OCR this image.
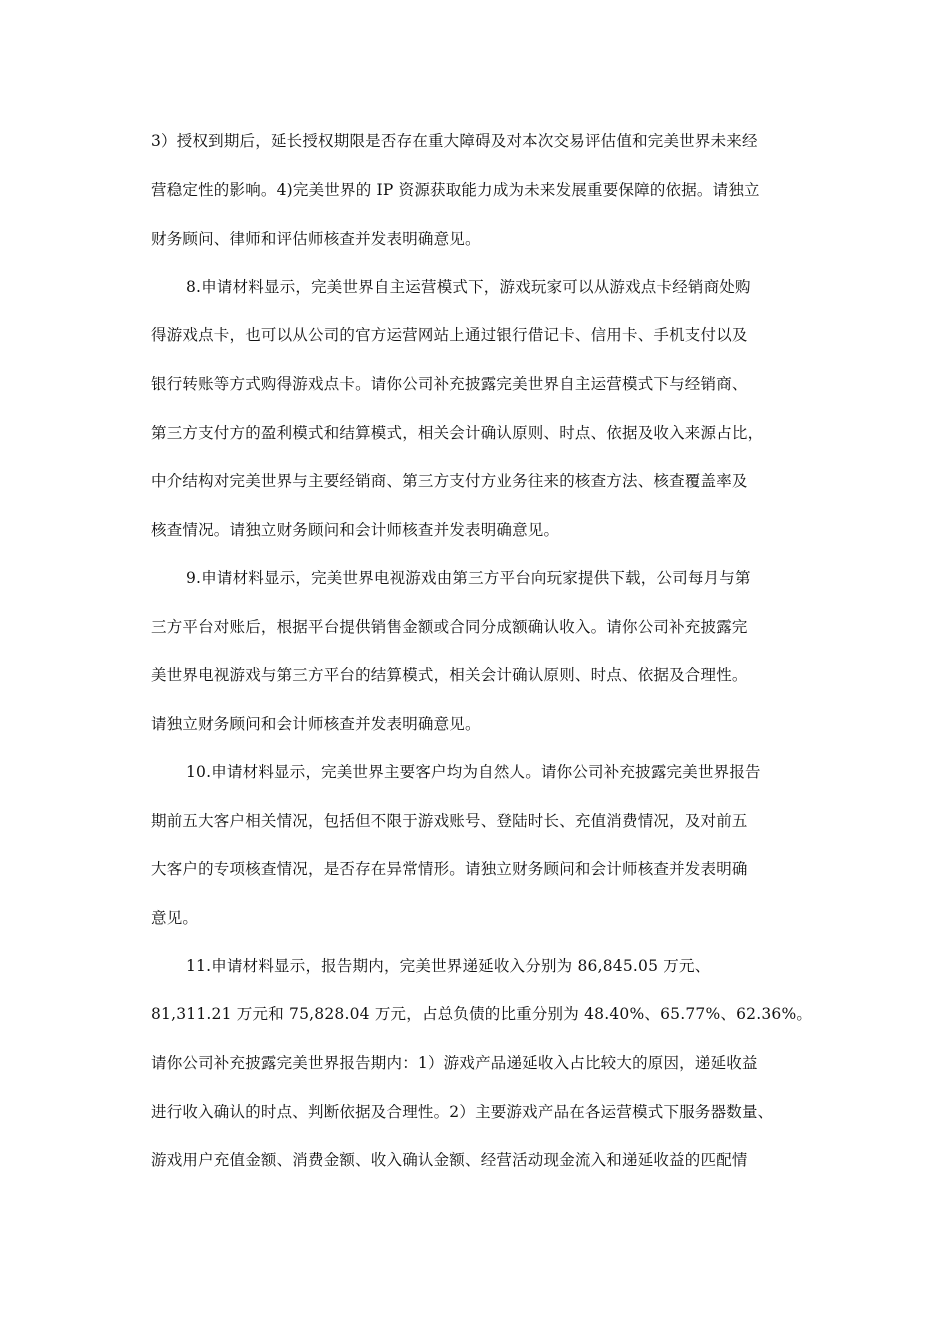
3）授权到期后，延长授权期限是否存在重大障碍及对本次交易评估值和完美世界未来经
营稳定性的影响。4)完美世界的 IP 资源获取能力成为未来发展重要保障的依据。请独立
财务顾问、律师和评估师核查并发表明确意见。
8.申请材料显示，完美世界自主运营模式下，游戏玩家可以从游戏点卡经销商处购
得游戏点卡，也可以从公司的官方运营网站上通过银行借记卡、信用卡、手机支付以及
银行转账等方式购得游戏点卡。请你公司补充披露完美世界自主运营模式下与经销商、
第三方支付方的盈利模式和结算模式，相关会计确认原则、时点、依据及收入来源占比，
中介结构对完美世界与主要经销商、第三方支付方业务往来的核查方法、核查覆盖率及
核查情况。请独立财务顾问和会计师核查并发表明确意见。
9.申请材料显示，完美世界电视游戏由第三方平台向玩家提供下载，公司每月与第
三方平台对账后，根据平台提供销售金额或合同分成额确认收入。请你公司补充披露完
美世界电视游戏与第三方平台的结算模式，相关会计确认原则、时点、依据及合理性。
请独立财务顾问和会计师核查并发表明确意见。
10.申请材料显示，完美世界主要客户均为自然人。请你公司补充披露完美世界报告
期前五大客户相关情况，包括但不限于游戏账号、登陆时长、充值消费情况，及对前五
大客户的专项核查情况，是否存在异常情形。请独立财务顾问和会计师核查并发表明确
意见。
11.申请材料显示，报告期内，完美世界递延收入分别为 86,845.05 万元、
81,311.21 万元和 75,828.04 万元，占总负债的比重分别为 48.40%、65.77%、62.36%。
请你公司补充披露完美世界报告期内：1）游戏产品递延收入占比较大的原因，递延收益
进行收入确认的时点、判断依据及合理性。2）主要游戏产品在各运营模式下服务器数量、
游戏用户充值金额、消费金额、收入确认金额、经营活动现金流入和递延收益的匹配情
